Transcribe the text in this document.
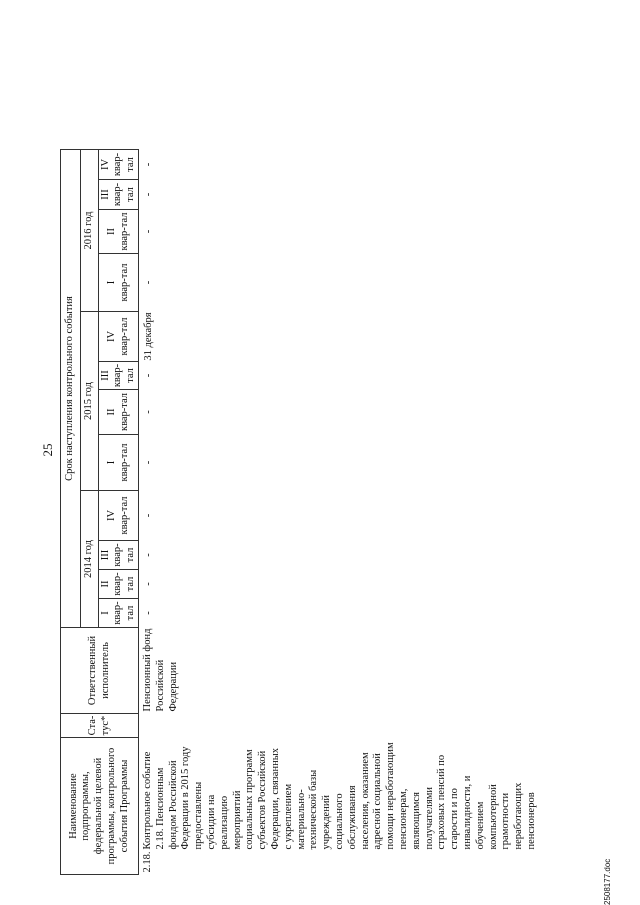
25
Наименование подпрограммы, федеральной целевой программы, контрольного события Программы		Ста-тус*	Ответственный исполнитель	Срок наступления контрольного события											
				2014 год				2015 год				2016 год			
				I квар-тал	II квар-тал	III квар-тал	IV квар-тал	I квар-тал	II квар-тал	III квар-тал	IV квар-тал	I квар-тал	II квар-тал	III квар-тал	IV квар-тал
2.18.	Контрольное событие 2.18. Пенсионным фондом Российской Федерации в 2015 году предоставлены субсидии на реализацию мероприятий социальных программ субъектов Российской Федерации, связанных с укреплением материально-технической базы учреждений социального обслуживания населения, оказанием адресной социальной помощи неработающим пенсионерам, являющимся получателями страховых пенсий по старости и по инвалидности, и обучением компьютерной грамотности неработающих пенсионеров		Пенсионный фонд Российской Федерации	-	-	-	-	-	-	-	31 декабря	-	-	-	-
2508177.doc
